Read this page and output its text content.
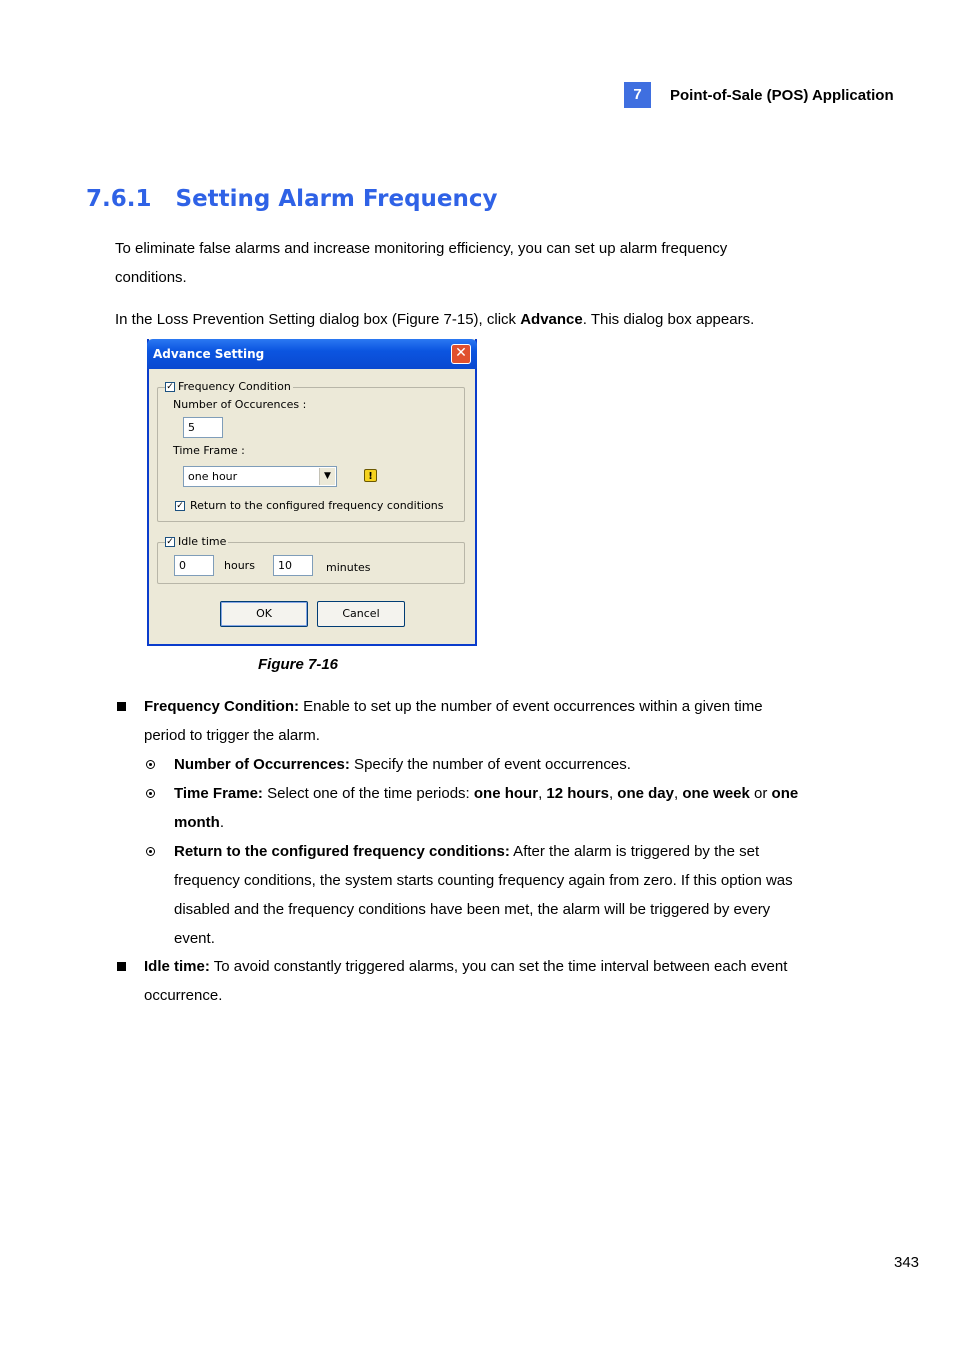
7	Point-of-Sale (POS) Application
7.6.1 Setting Alarm Frequency
To eliminate false alarms and increase monitoring efficiency, you can set up alarm frequency
conditions.
In the Loss Prevention Setting dialog box (Figure 7-15), click Advance. This dialog box appears.
Advance Setting	✕
✓ Frequency Condition
Number of Occurences :
5
Time Frame :
one hour	▼	!
✓ Return to the configured frequency conditions
✓ Idle time
0	hours	10	minutes
OK	Cancel
Figure 7-16
Frequency Condition: Enable to set up the number of event occurrences within a given time
period to trigger the alarm.
Number of Occurrences: Specify the number of event occurrences.
Time Frame: Select one of the time periods: one hour, 12 hours, one day, one week or one
month.
Return to the configured frequency conditions: After the alarm is triggered by the set
frequency conditions, the system starts counting frequency again from zero. If this option was
disabled and the frequency conditions have been met, the alarm will be triggered by every
event.
Idle time: To avoid constantly triggered alarms, you can set the time interval between each event
occurrence.
343
